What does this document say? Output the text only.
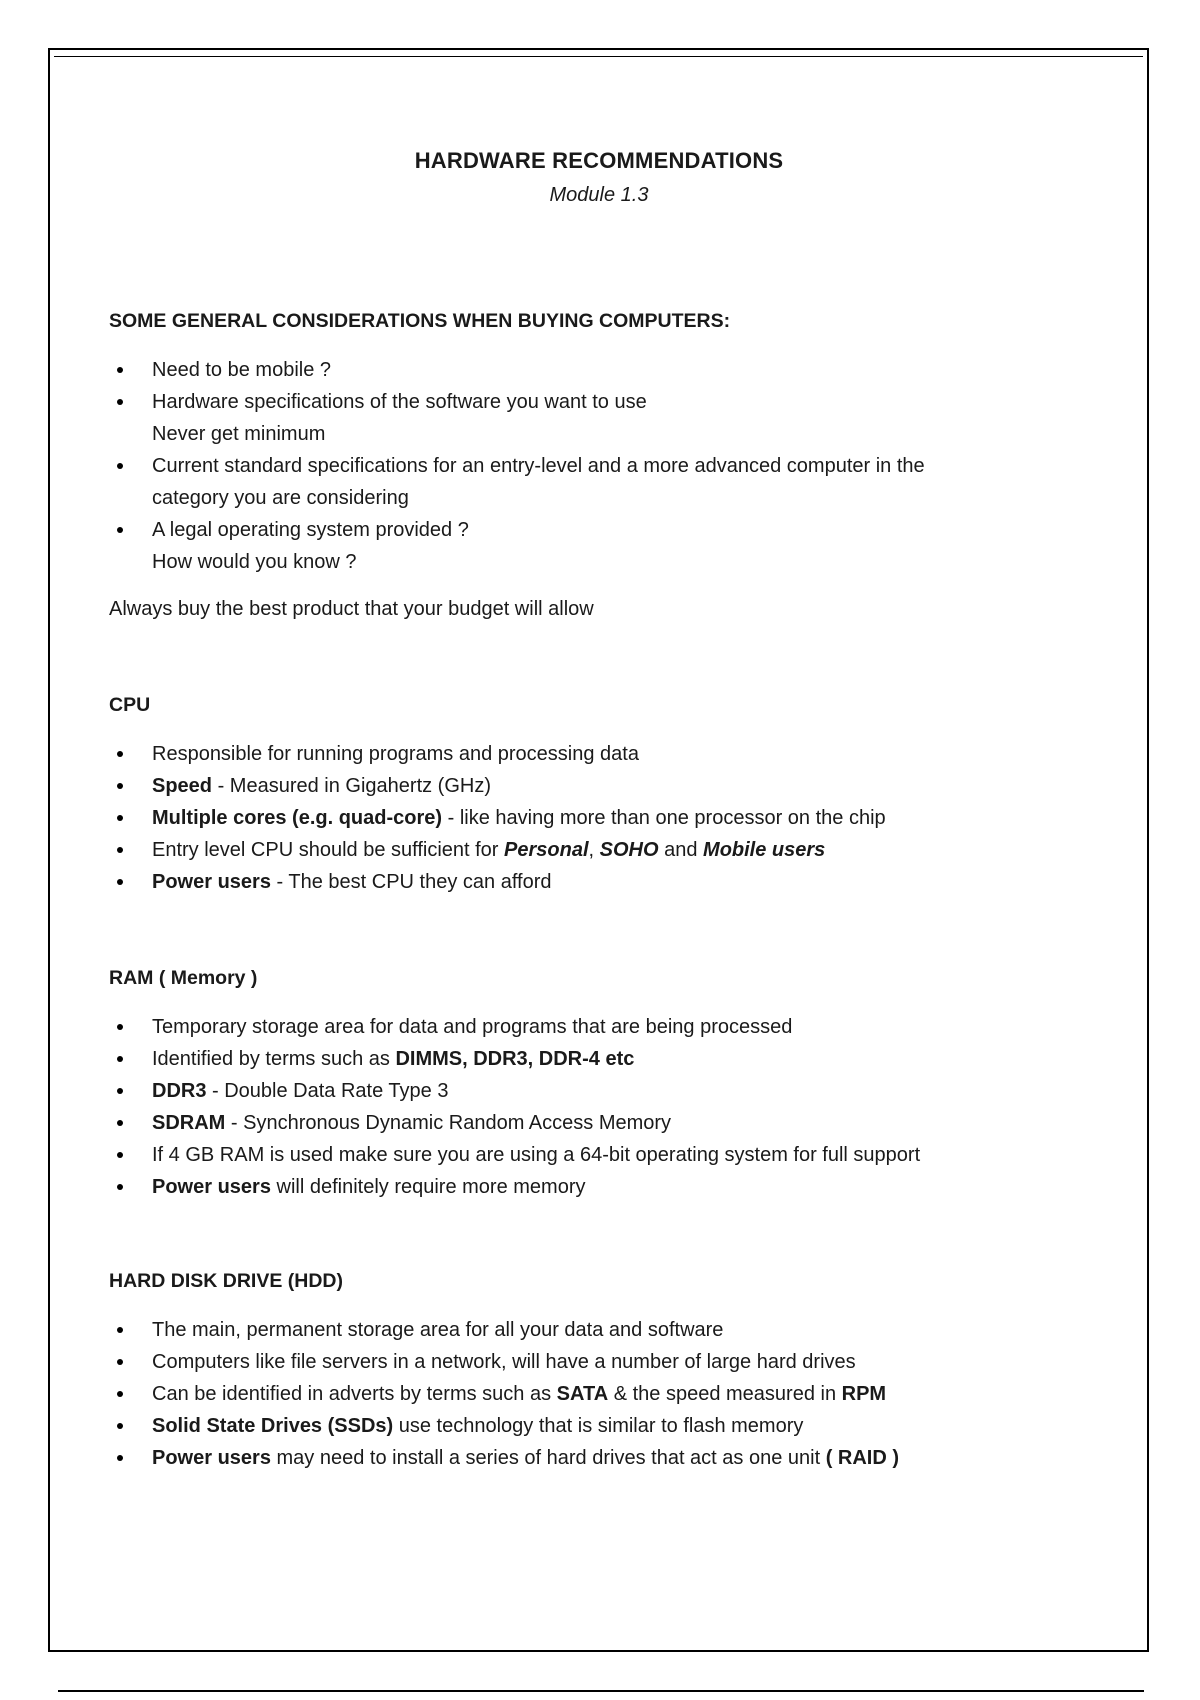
HARDWARE RECOMMENDATIONS
Module 1.3
SOME GENERAL CONSIDERATIONS WHEN BUYING COMPUTERS:
Need to be mobile ?
Hardware specifications of the software you want to use
Never get minimum
Current standard specifications for an entry-level and a more advanced computer in the
category you are considering
A legal operating system provided ?
How would you know ?

Always buy the best product that your budget will allow

CPU
Responsible for running programs and processing data
Speed - Measured in Gigahertz (GHz)
Multiple cores (e.g. quad-core) - like having more than one processor on the chip
Entry level CPU should be sufficient for Personal, SOHO and Mobile users
Power users - The best CPU they can afford
RAM ( Memory )
Temporary storage area for data and programs that are being processed
Identified by terms such as DIMMS, DDR3, DDR-4 etc
DDR3 - Double Data Rate Type 3
SDRAM - Synchronous Dynamic Random Access Memory
If 4 GB RAM is used make sure you are using a 64-bit operating system for full support
Power users will definitely require more memory
HARD DISK DRIVE (HDD)
The main, permanent storage area for all your data and software
Computers like file servers in a network, will have a number of large hard drives
Can be identified in adverts by terms such as SATA & the speed measured in RPM
Solid State Drives (SSDs) use technology that is similar to flash memory
Power users may need to install a series of hard drives that act as one unit ( RAID )
